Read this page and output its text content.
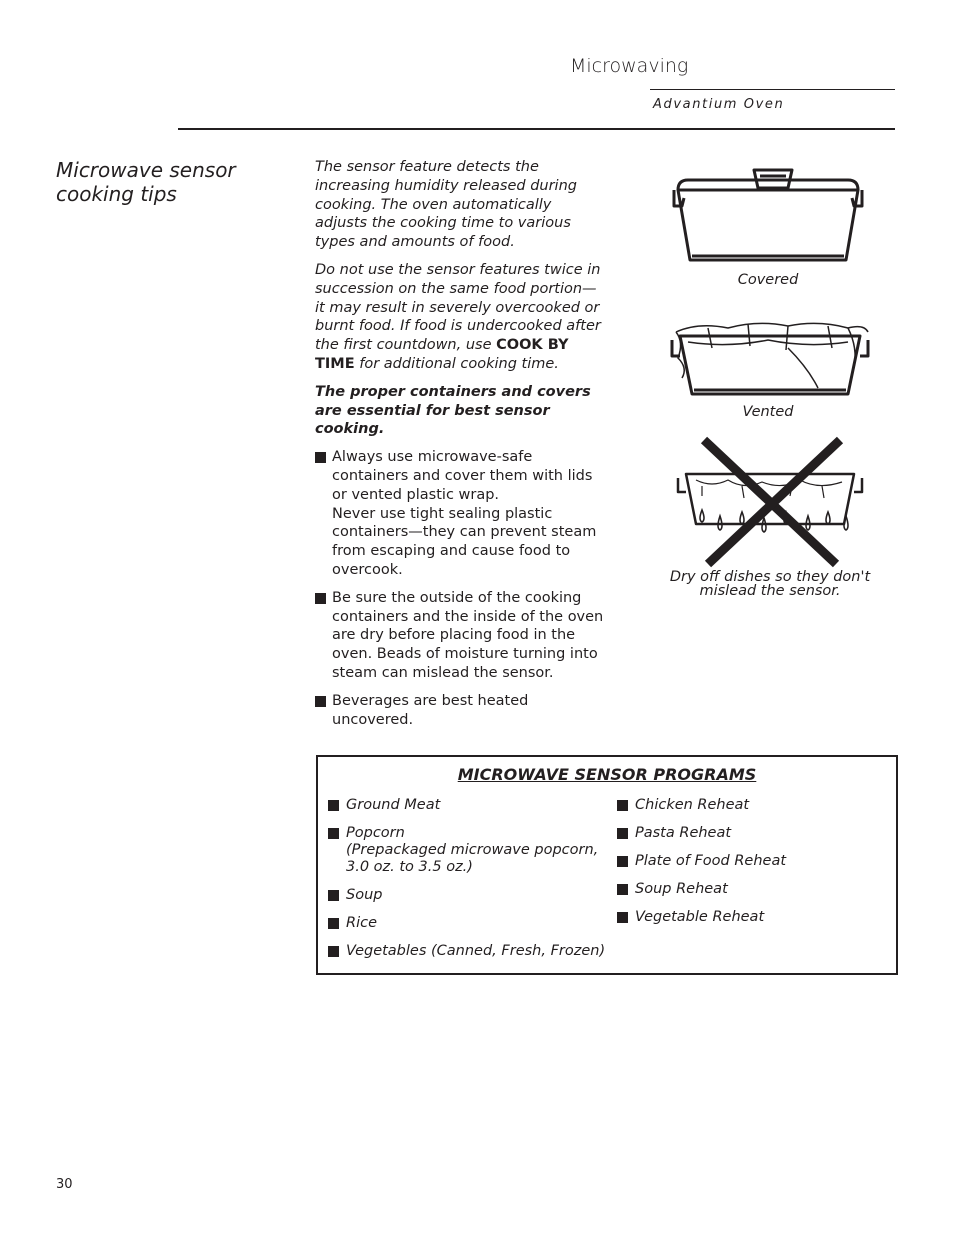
Microwaving
Advantium Oven
Microwave sensor cooking tips

The sensor feature detects the increasing humidity released during cooking. The oven automatically adjusts the cooking time to various types and amounts of food.

Do not use the sensor features twice in succession on the same food portion—it may result in severely overcooked or burnt food. If food is undercooked after the first countdown, use COOK BY TIME for additional cooking time.

The proper containers and covers are essential for best sensor cooking.

Always use microwave-safe containers and cover them with lids or vented plastic wrap.
Never use tight sealing plastic containers—they can prevent steam from escaping and cause food to overcook.
Be sure the outside of the cooking containers and the inside of the oven are dry before placing food in the oven. Beads of moisture turning into steam can mislead the sensor.
Beverages are best heated uncovered.
Covered
Vented
Dry off dishes so they don't mislead the sensor.
MICROWAVE SENSOR PROGRAMS
Ground Meat
Popcorn
(Prepackaged microwave popcorn, 3.0 oz. to 3.5 oz.)
Soup
Rice
Vegetables (Canned, Fresh, Frozen)
Chicken Reheat
Pasta Reheat
Plate of Food Reheat
Soup Reheat
Vegetable Reheat
30
